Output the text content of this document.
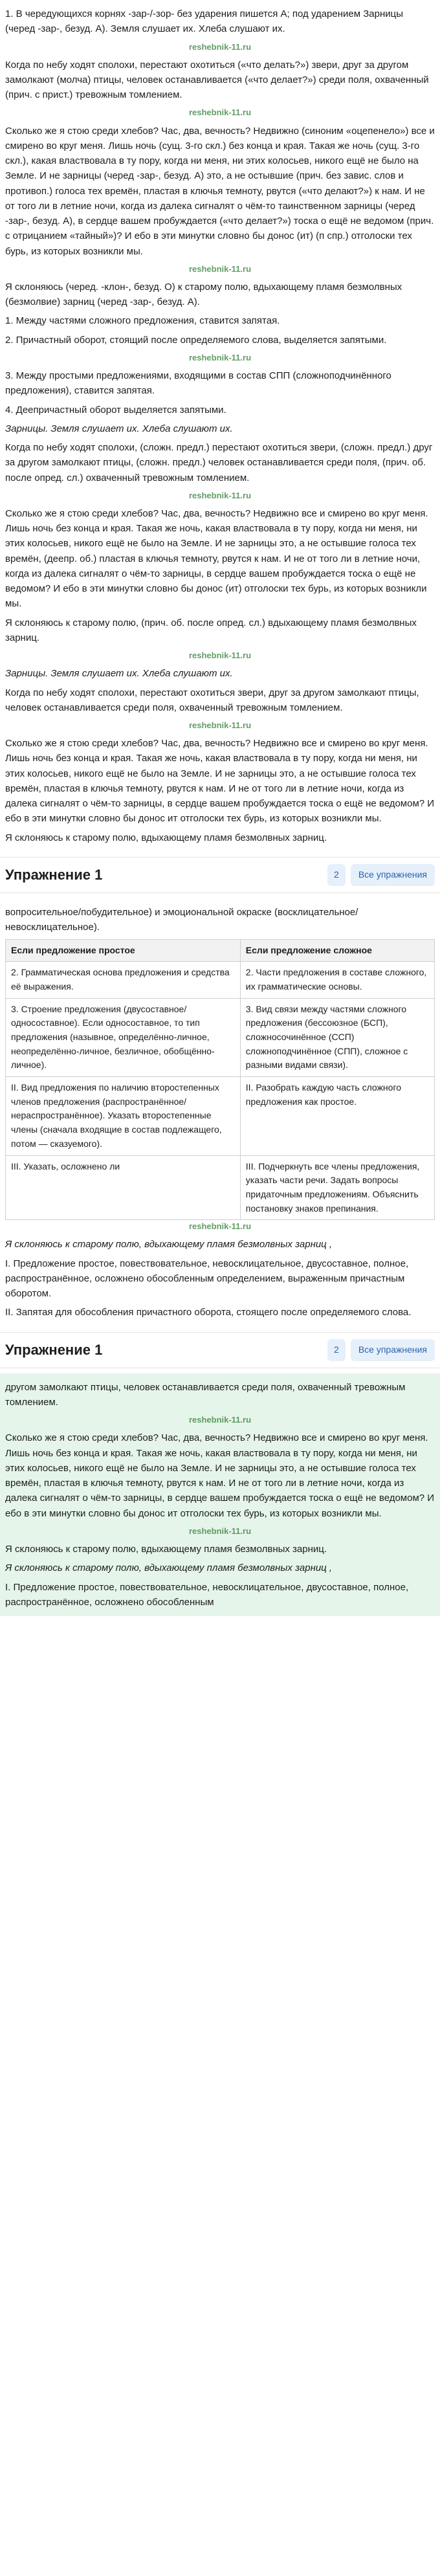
1. В чередующихся корнях -зар-/-зор- без ударения пишется А; под ударением Зарницы (черед -зар-, безуд. А). Земля слушает их. Хлеба слушают их.

reshebnik-11.ru

Когда по небу ходят сполохи, перестают охотиться («что делать?») звери, друг за другом замолкают (молча) птицы, человек останавливается («что делает?») среди поля, охваченный (прич. с прист.) тревожным томлением.

reshebnik-11.ru

Сколько же я стою среди хлебов? Час, два, вечность? Недвижно (синоним «оцепенело») все и смирено во круг меня. Лишь ночь (сущ. 3-го скл.) без конца и края. Такая же ночь (сущ. 3-го скл.), какая властвовала в ту пору, когда ни меня, ни этих колосьев, никого ещё не было на Земле. И не зарницы (черед -зар-, безуд. А) это, а не остывшие (прич. без завис. слов и противоп.) голоса тех времён, пластая в ключья темноту, рвутся («что делают?») к нам. И не от того ли в летние ночи, когда из далека сигналят о чём-то таинственном зарницы (черед -зар-, безуд. А), в сердце вашем пробуждается («что делает?») тоска о ещё не ведомом (прич. с отрицанием «тайный»)? И ебо в эти минутки словно бы донос (ит) (п спр.) отголоски тех бурь, из которых возникли мы.

reshebnik-11.ru

Я склоняюсь (черед. -клон-, безуд. О) к старому полю, вдыхающему пламя безмолвных (безмолвие) зарниц (черед -зар-, безуд. А).

1. Между частями сложного предложения, ставится запятая.

2. Причастный оборот, стоящий после определяемого слова, выделяется запятыми.

reshebnik-11.ru

3. Между простыми предложениями, входящими в состав СПП (сложноподчинённого предложения), ставится запятая.

4. Деепричастный оборот выделяется запятыми.

Зарницы. Земля слушает их. Хлеба слушают их.

Когда по небу ходят сполохи, (сложн. предл.) перестают охотиться звери, (сложн. предл.) друг за другом замолкают птицы, (сложн. предл.) человек останавливается среди поля, (прич. об. после опред. сл.) охваченный тревожным томлением.

reshebnik-11.ru

Сколько же я стою среди хлебов? Час, два, вечность? Недвижно все и смирено во круг меня. Лишь ночь без конца и края. Такая же ночь, какая властвовала в ту пору, когда ни меня, ни этих колосьев, никого ещё не было на Земле. И не зарницы это, а не остывшие голоса тех времён, (деепр. об.) пластая в ключья темноту, рвутся к нам. И не от того ли в летние ночи, когда из далека сигналят о чём-то зарницы, в сердце вашем пробуждается тоска о ещё не ведомом? И ебо в эти минутки словно бы донос (ит) отголоски тех бурь, из которых возникли мы.

Я склоняюсь к старому полю, (прич. об. после опред. сл.) вдыхающему пламя безмолвных зарниц.

reshebnik-11.ru

Зарницы. Земля слушает их. Хлеба слушают их.

Когда по небу ходят сполохи, перестают охотиться звери, друг за другом замолкают птицы, человек останавливается среди поля, охваченный тревожным томлением.

reshebnik-11.ru

Сколько же я стою среди хлебов? Час, два, вечность? Недвижно все и смирено во круг меня. Лишь ночь без конца и края. Такая же ночь, какая властвовала в ту пору, когда ни меня, ни этих колосьев, никого ещё не было на Земле. И не зарницы это, а не остывшие голоса тех времён, пластая в ключья темноту, рвутся к нам. И не от того ли в летние ночи, когда из далека сигналят о чём-то зарницы, в сердце вашем пробуждается тоска о ещё не ведомом? И ебо в эти минутки словно бы донос ит отголоски тех бурь, из которых возникли мы.

Я склоняюсь к старому полю, вдыхающему пламя безмолвных зарниц.

Упражнение 1	2	Все упражнения

вопросительное/побудительное) и эмоциональной окраске (восклицательное/невосклицательное).

Если предложение простое	Если предложение сложное
2. Грамматическая основа предложения и средства её выражения.	2. Части предложения в составе сложного, их грамматические основы.
3. Строение предложения (двусоставное/односоставное). Если односоставное, то тип предложения (назывное, определённо-личное, неопределённо-личное, безличное, обобщённо-личное).	3. Вид связи между частями сложного предложения (бессоюзное (БСП), сложносочинённое (ССП) сложноподчинённое (СПП), сложное с разными видами связи).
II. Вид предложения по наличию второстепенных членов предложения (распространённое/нераспространённое). Указать второстепенные члены (сначала входящие в состав подлежащего, потом — сказуемого).	II. Разобрать каждую часть сложного предложения как простое.
III. Указать, осложнено ли	III. Подчеркнуть все члены предложения, указать части речи. Задать вопросы придаточным предложениям. Объяснить постановку знаков препинания.
reshebnik-11.ru

Я склоняюсь к старому полю, вдыхающему пламя безмолвных зарниц ,

I. Предложение простое, повествовательное, невосклицательное, двусоставное, полное, распространённое, осложнено обособленным определением, выраженным причастным оборотом.

II. Запятая для обособления причастного оборота, стоящего после определяемого слова.

Упражнение 1	2	Все упражнения

другом замолкают птицы, человек останавливается среди поля, охваченный тревожным томлением.

reshebnik-11.ru

Сколько же я стою среди хлебов? Час, два, вечность? Недвижно все и смирено во круг меня. Лишь ночь без конца и края. Такая же ночь, какая властвовала в ту пору, когда ни меня, ни этих колосьев, никого ещё не было на Земле. И не зарницы это, а не остывшие голоса тех времён, пластая в ключья темноту, рвутся к нам. И не от того ли в летние ночи, когда из далека сигналят о чём-то зарницы, в сердце вашем пробуждается тоска о ещё не ведомом? И ебо в эти минутки словно бы донос ит отголоски тех бурь, из которых возникли мы.

reshebnik-11.ru

Я склоняюсь к старому полю, вдыхающему пламя безмолвных зарниц.

Я склоняюсь к старому полю, вдыхающему пламя безмолвных зарниц ,

I. Предложение простое, повествовательное, невосклицательное, двусоставное, полное, распространённое, осложнено обособленным
